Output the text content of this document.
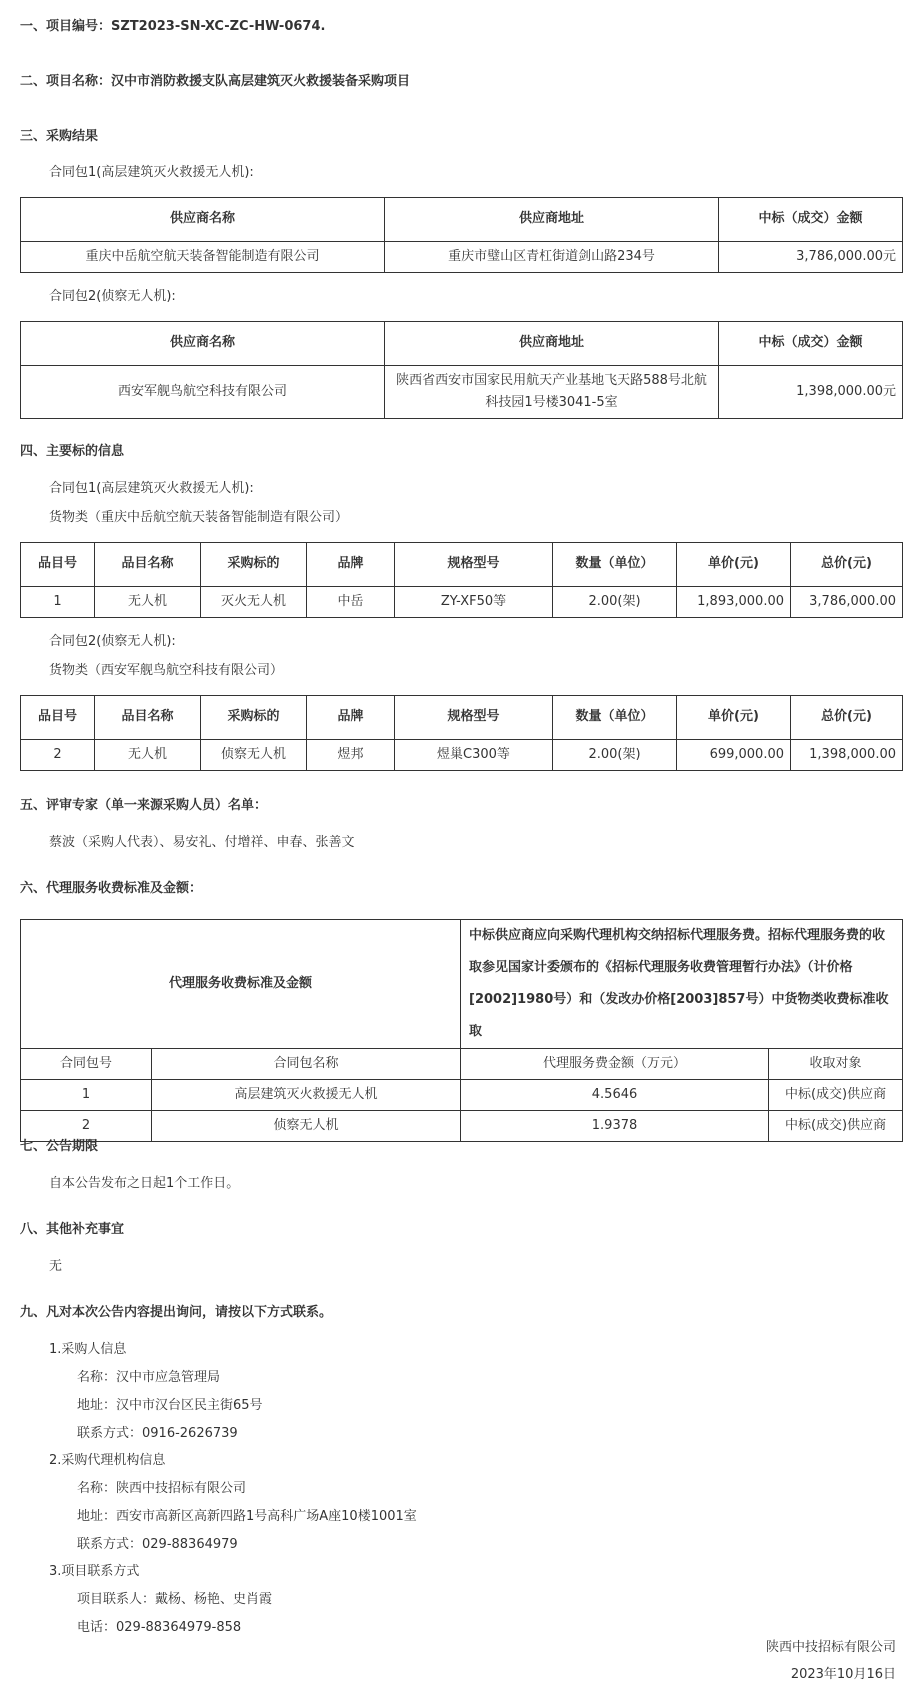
一、项目编号：SZT2023-SN-XC-ZC-HW-0674.
二、项目名称：汉中市消防救援支队高层建筑灭火救援装备采购项目
三、采购结果
合同包1(高层建筑灭火救援无人机):
供应商名称	供应商地址	中标（成交）金额
重庆中岳航空航天装备智能制造有限公司	重庆市璧山区青杠街道剑山路234号	3,786,000.00元
合同包2(侦察无人机):
供应商名称	供应商地址	中标（成交）金额
西安军舰鸟航空科技有限公司	陕西省西安市国家民用航天产业基地飞天路588号北航科技园1号楼3041-5室	1,398,000.00元
四、主要标的信息
合同包1(高层建筑灭火救援无人机):
货物类（重庆中岳航空航天装备智能制造有限公司）
品目号	品目名称	采购标的	品牌	规格型号	数量（单位）	单价(元)	总价(元)
1	无人机	灭火无人机	中岳	ZY-XF50等	2.00(架)	1,893,000.00	3,786,000.00
合同包2(侦察无人机):
货物类（西安军舰鸟航空科技有限公司）
品目号	品目名称	采购标的	品牌	规格型号	数量（单位）	单价(元)	总价(元)
2	无人机	侦察无人机	煜邦	煜巢C300等	2.00(架)	699,000.00	1,398,000.00
五、评审专家（单一来源采购人员）名单：
蔡波（采购人代表）、易安礼、付增祥、申春、张善文
六、代理服务收费标准及金额：
代理服务收费标准及金额		中标供应商应向采购代理机构交纳招标代理服务费。招标代理服务费的收取参见国家计委颁布的《招标代理服务收费管理暂行办法》（计价格[2002]1980号）和（发改办价格[2003]857号）中货物类收费标准收取	
合同包号	合同包名称	代理服务费金额（万元）	收取对象
1	高层建筑灭火救援无人机	4.5646	中标(成交)供应商
2	侦察无人机	1.9378	中标(成交)供应商
七、公告期限
自本公告发布之日起1个工作日。
八、其他补充事宜
无
九、凡对本次公告内容提出询问，请按以下方式联系。
1.采购人信息
名称：汉中市应急管理局
地址：汉中市汉台区民主街65号
联系方式：0916-2626739
2.采购代理机构信息
名称：陕西中技招标有限公司
地址：西安市高新区高新四路1号高科广场A座10楼1001室
联系方式：029-88364979
3.项目联系方式
项目联系人：戴杨、杨艳、史肖霞
电话：029-88364979-858
陕西中技招标有限公司
2023年10月16日
